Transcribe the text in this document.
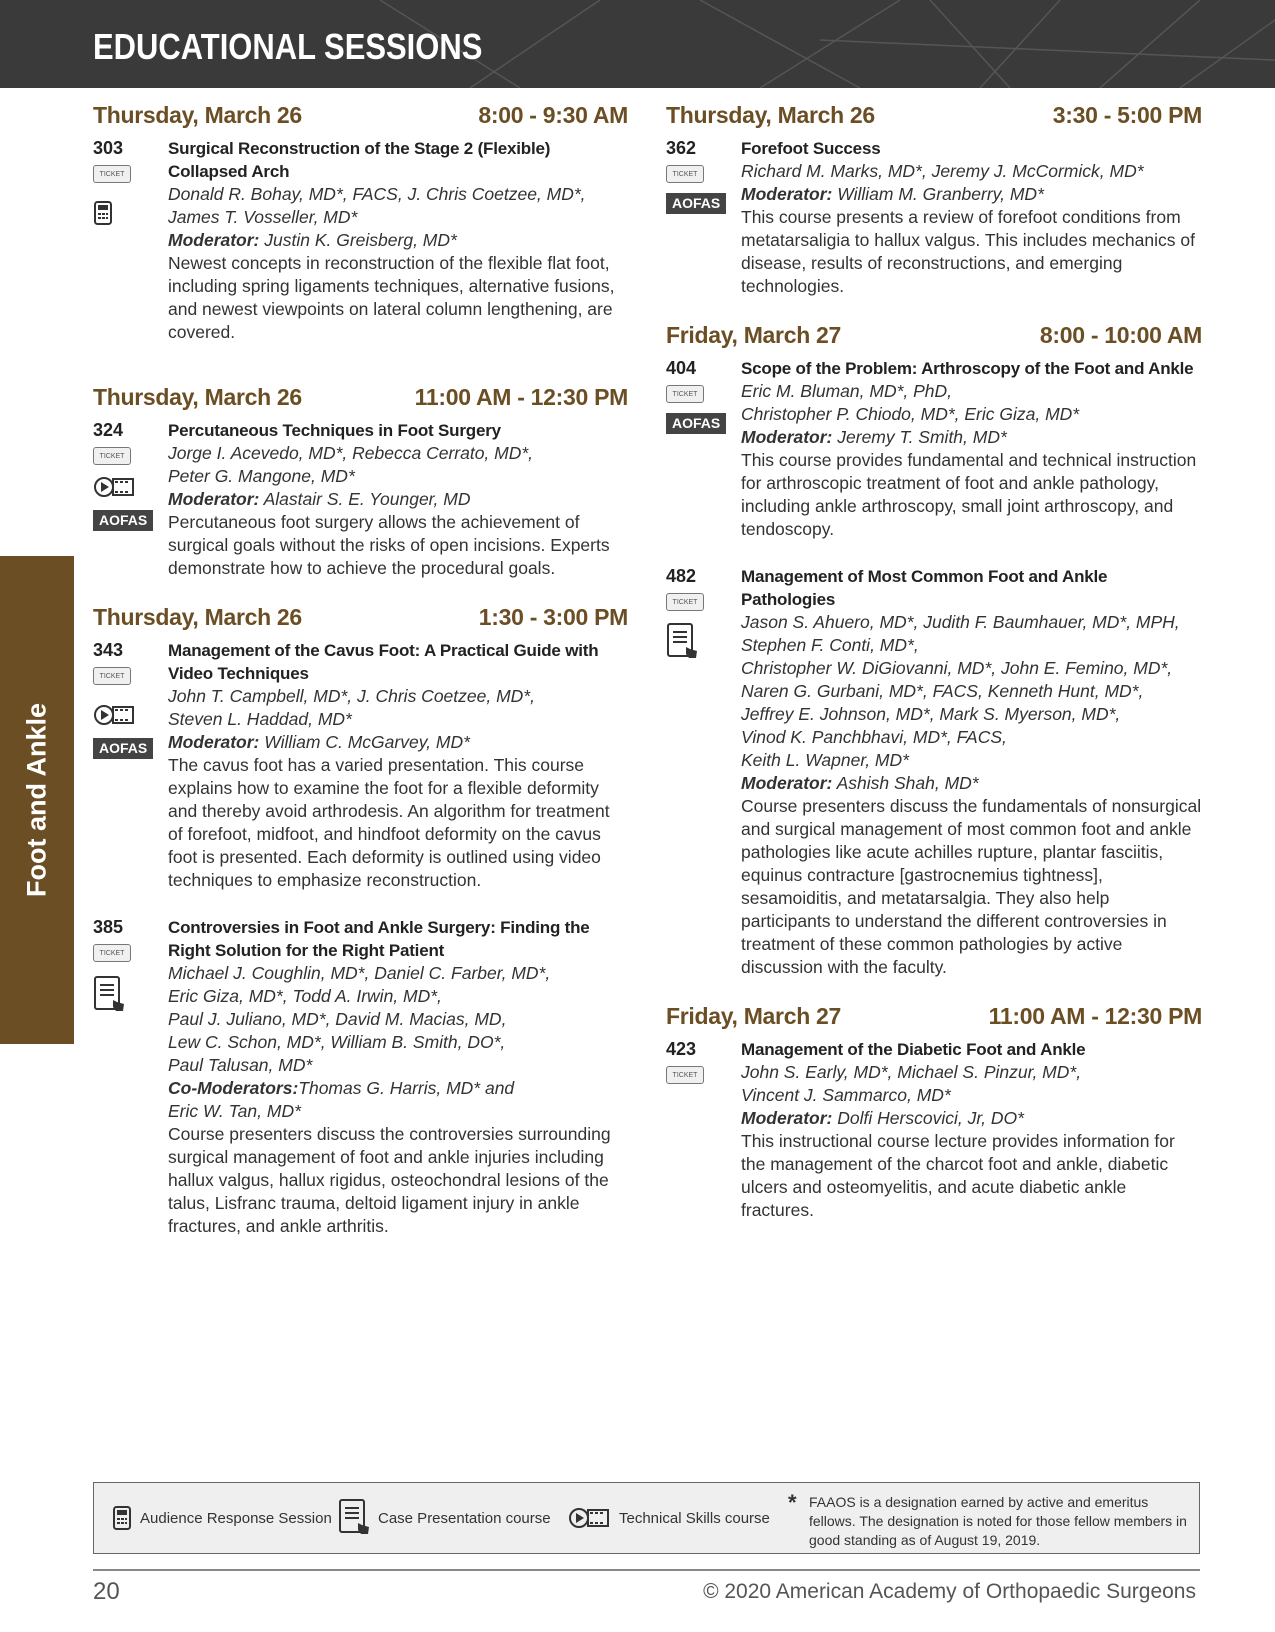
EDUCATIONAL SESSIONS
Foot and Ankle
Thursday, March 26	8:00 - 9:30 AM
303
TICKET
Surgical Reconstruction of the Stage 2 (Flexible) Collapsed Arch
Donald R. Bohay, MD*, FACS, J. Chris Coetzee, MD*,
James T. Vosseller, MD*
Moderator: Justin K. Greisberg, MD*
Newest concepts in reconstruction of the flexible flat foot, including spring ligaments techniques, alternative fusions, and newest viewpoints on lateral column lengthening, are covered.
Thursday, March 26	11:00 AM - 12:30 PM
324
TICKET
AOFAS
Percutaneous Techniques in Foot Surgery
Jorge I. Acevedo, MD*, Rebecca Cerrato, MD*,
Peter G. Mangone, MD*
Moderator: Alastair S. E. Younger, MD
Percutaneous foot surgery allows the achievement of surgical goals without the risks of open incisions. Experts demonstrate how to achieve the procedural goals.
Thursday, March 26	1:30 - 3:00 PM
343
TICKET
AOFAS
Management of the Cavus Foot: A Practical Guide with Video Techniques
John T. Campbell, MD*, J. Chris Coetzee, MD*,
Steven L. Haddad, MD*
Moderator: William C. McGarvey, MD*
The cavus foot has a varied presentation. This course explains how to examine the foot for a flexible deformity and thereby avoid arthrodesis. An algorithm for treatment of forefoot, midfoot, and hindfoot deformity on the cavus foot is presented. Each deformity is outlined using video techniques to emphasize reconstruction.
385
TICKET
Controversies in Foot and Ankle Surgery: Finding the Right Solution for the Right Patient
Michael J. Coughlin, MD*, Daniel C. Farber, MD*,
Eric Giza, MD*, Todd A. Irwin, MD*,
Paul J. Juliano, MD*, David M. Macias, MD,
Lew C. Schon, MD*, William B. Smith, DO*,
Paul Talusan, MD*
Co-Moderators:Thomas G. Harris, MD* and
Eric W. Tan, MD*
Course presenters discuss the controversies surrounding surgical management of foot and ankle injuries including hallux valgus, hallux rigidus, osteochondral lesions of the talus, Lisfranc trauma, deltoid ligament injury in ankle fractures, and ankle arthritis.
Thursday, March 26	3:30 - 5:00 PM
362
TICKET
AOFAS
Forefoot Success
Richard M. Marks, MD*, Jeremy J. McCormick, MD*
Moderator: William M. Granberry, MD*
This course presents a review of forefoot conditions from metatarsaligia to hallux valgus. This includes mechanics of disease, results of reconstructions, and emerging technologies.
Friday, March 27	8:00 - 10:00 AM
404
TICKET
AOFAS
Scope of the Problem: Arthroscopy of the Foot and Ankle
Eric M. Bluman, MD*, PhD,
Christopher P. Chiodo, MD*, Eric Giza, MD*
Moderator: Jeremy T. Smith, MD*
This course provides fundamental and technical instruction for arthroscopic treatment of foot and ankle pathology, including ankle arthroscopy, small joint arthroscopy, and tendoscopy.
482
TICKET
Management of Most Common Foot and Ankle Pathologies
Jason S. Ahuero, MD*, Judith F. Baumhauer, MD*, MPH,
Stephen F. Conti, MD*,
Christopher W. DiGiovanni, MD*, John E. Femino, MD*,
Naren G. Gurbani, MD*, FACS, Kenneth Hunt, MD*,
Jeffrey E. Johnson, MD*, Mark S. Myerson, MD*,
Vinod K. Panchbhavi, MD*, FACS,
Keith L. Wapner, MD*
Moderator: Ashish Shah, MD*
Course presenters discuss the fundamentals of nonsurgical and surgical management of most common foot and ankle pathologies like acute achilles rupture, plantar fasciitis, equinus contracture [gastrocnemius tightness], sesamoiditis, and metatarsalgia. They also help participants to understand the different controversies in treatment of these common pathologies by active discussion with the faculty.
Friday, March 27	11:00 AM - 12:30 PM
423
TICKET
Management of the Diabetic Foot and Ankle
John S. Early, MD*, Michael S. Pinzur, MD*,
Vincent J. Sammarco, MD*
Moderator: Dolfi Herscovici, Jr, DO*
This instructional course lecture provides information for the management of the charcot foot and ankle, diabetic ulcers and osteomyelitis, and acute diabetic ankle fractures.
Audience Response Session	Case Presentation course	Technical Skills course
* FAAOS is a designation earned by active and emeritus fellows. The designation is noted for those fellow members in good standing as of August 19, 2019.
20	© 2020 American Academy of Orthopaedic Surgeons
